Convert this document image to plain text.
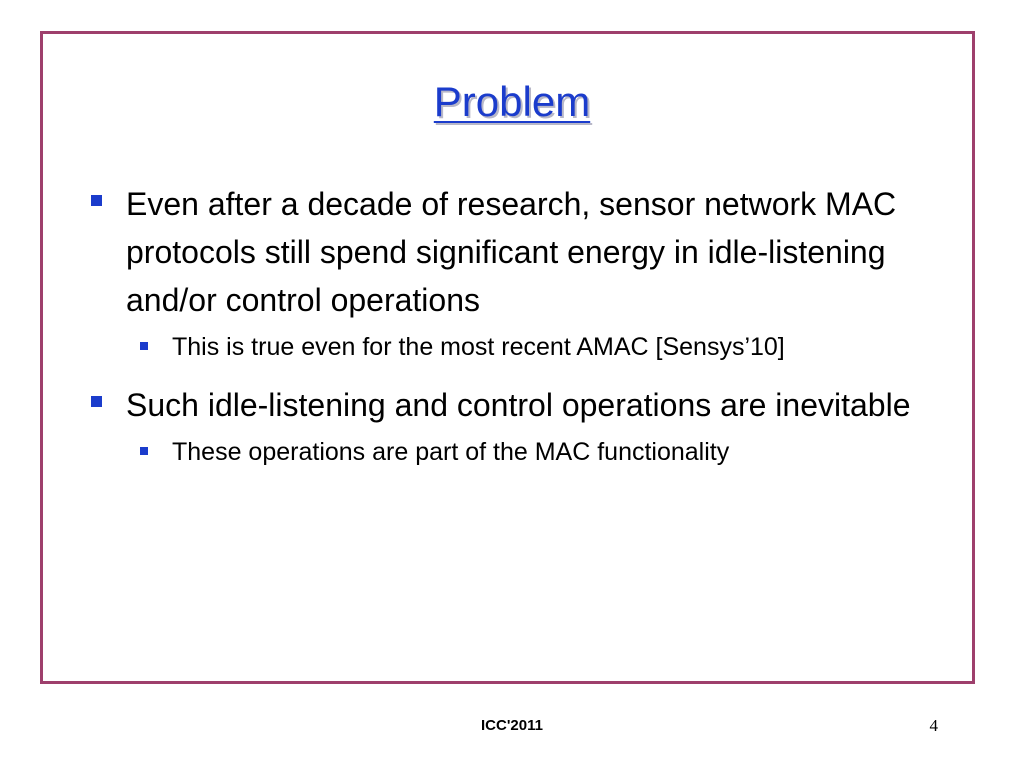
Problem
Even after a decade of research, sensor network MAC protocols still spend significant energy in idle-listening and/or control operations
This is true even for the most recent AMAC [Sensys’10]
Such idle-listening and control operations are inevitable
These operations are part of the MAC functionality
ICC'2011	4
